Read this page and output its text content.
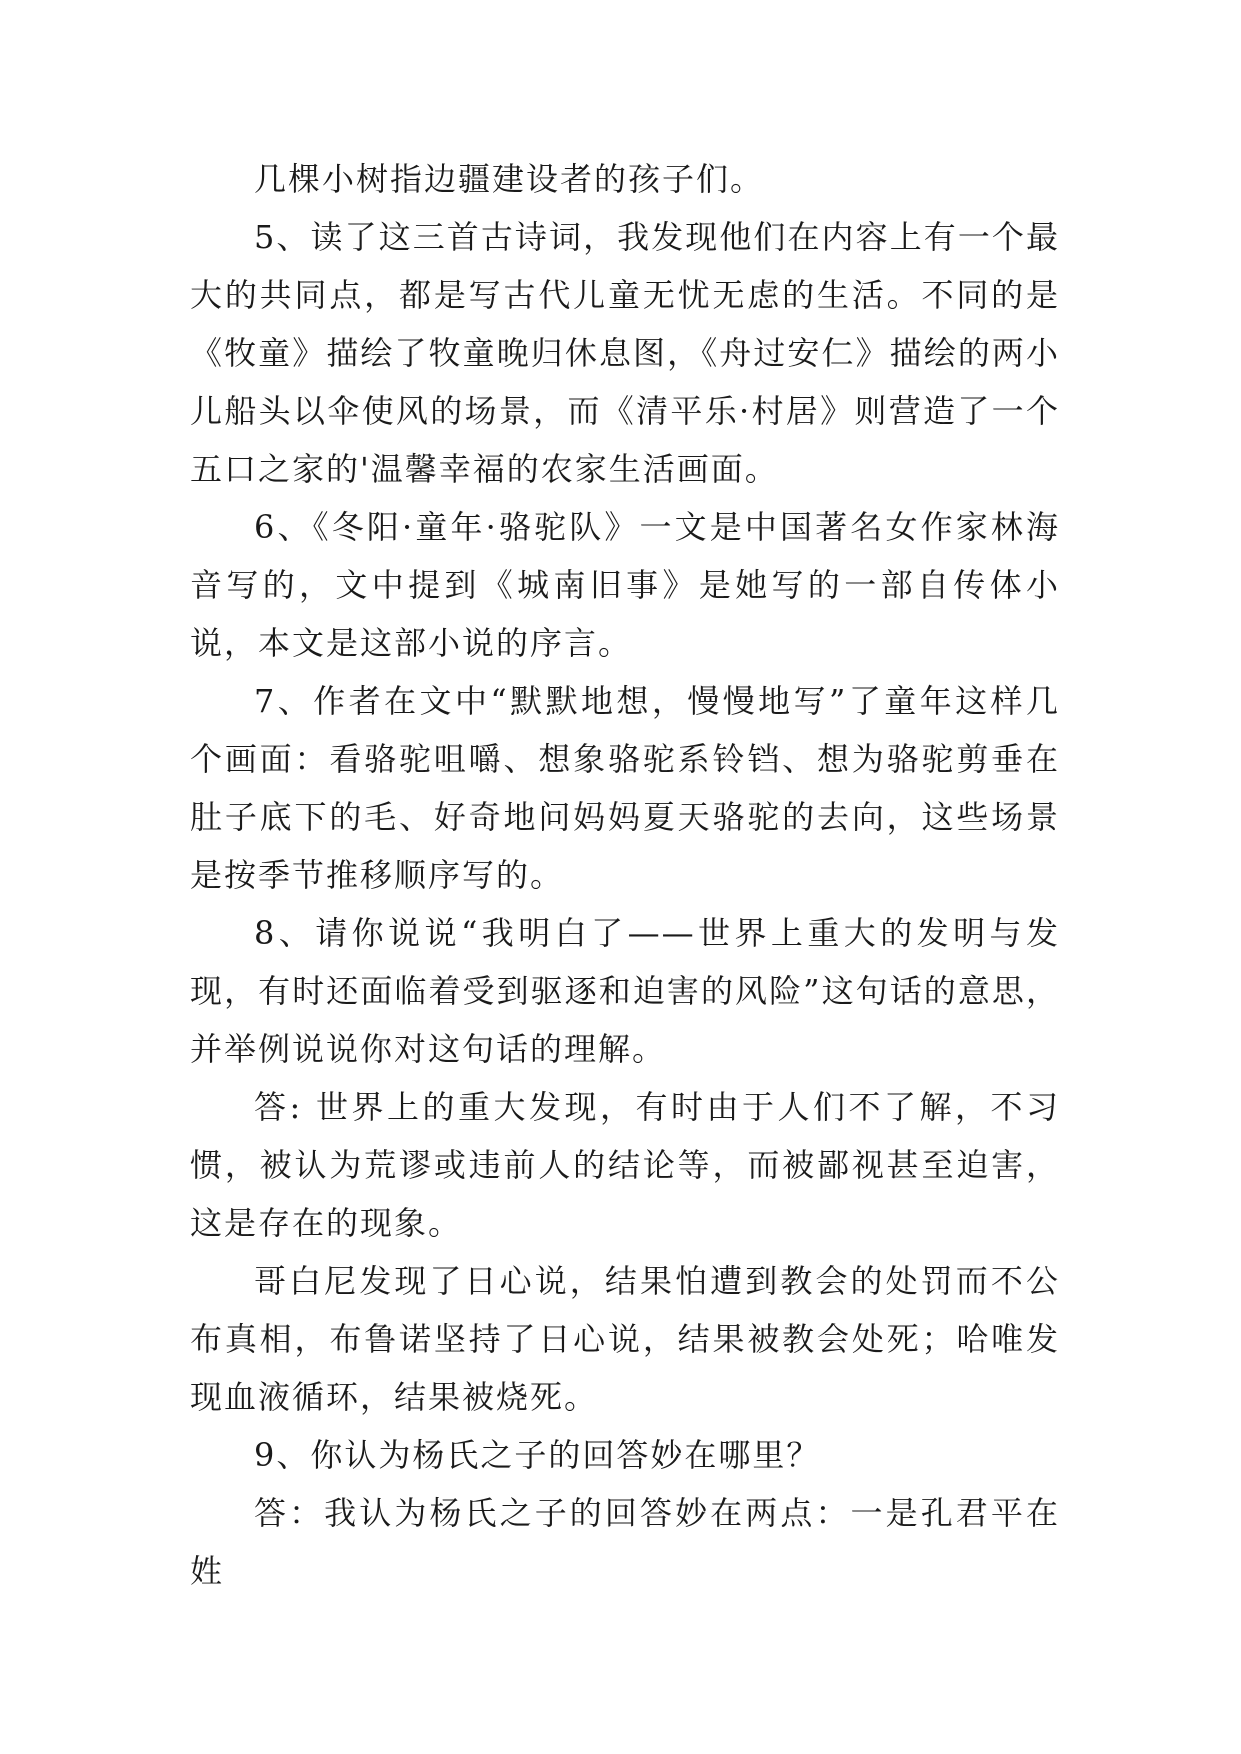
几棵小树指边疆建设者的孩子们。

5、读了这三首古诗词，我发现他们在内容上有一个最大的共同点，都是写古代儿童无忧无虑的生活。不同的是《牧童》描绘了牧童晚归休息图，《舟过安仁》描绘的两小儿船头以伞使风的场景，而《清平乐·村居》则营造了一个五口之家的'温馨幸福的农家生活画面。

6、《冬阳·童年·骆驼队》一文是中国著名女作家林海音写的，文中提到《城南旧事》是她写的一部自传体小说，本文是这部小说的序言。

7、作者在文中“默默地想，慢慢地写”了童年这样几个画面：看骆驼咀嚼、想象骆驼系铃铛、想为骆驼剪垂在肚子底下的毛、好奇地问妈妈夏天骆驼的去向，这些场景是按季节推移顺序写的。

8、请你说说“我明白了——世界上重大的发明与发现，有时还面临着受到驱逐和迫害的风险”这句话的意思，并举例说说你对这句话的理解。

答: 世界上的重大发现，有时由于人们不了解，不习惯，被认为荒谬或违前人的结论等，而被鄙视甚至迫害，这是存在的现象。

哥白尼发现了日心说，结果怕遭到教会的处罚而不公布真相，布鲁诺坚持了日心说，结果被教会处死；哈唯发现血液循环，结果被烧死。

9、你认为杨氏之子的回答妙在哪里？

答：我认为杨氏之子的回答妙在两点：一是孔君平在姓
